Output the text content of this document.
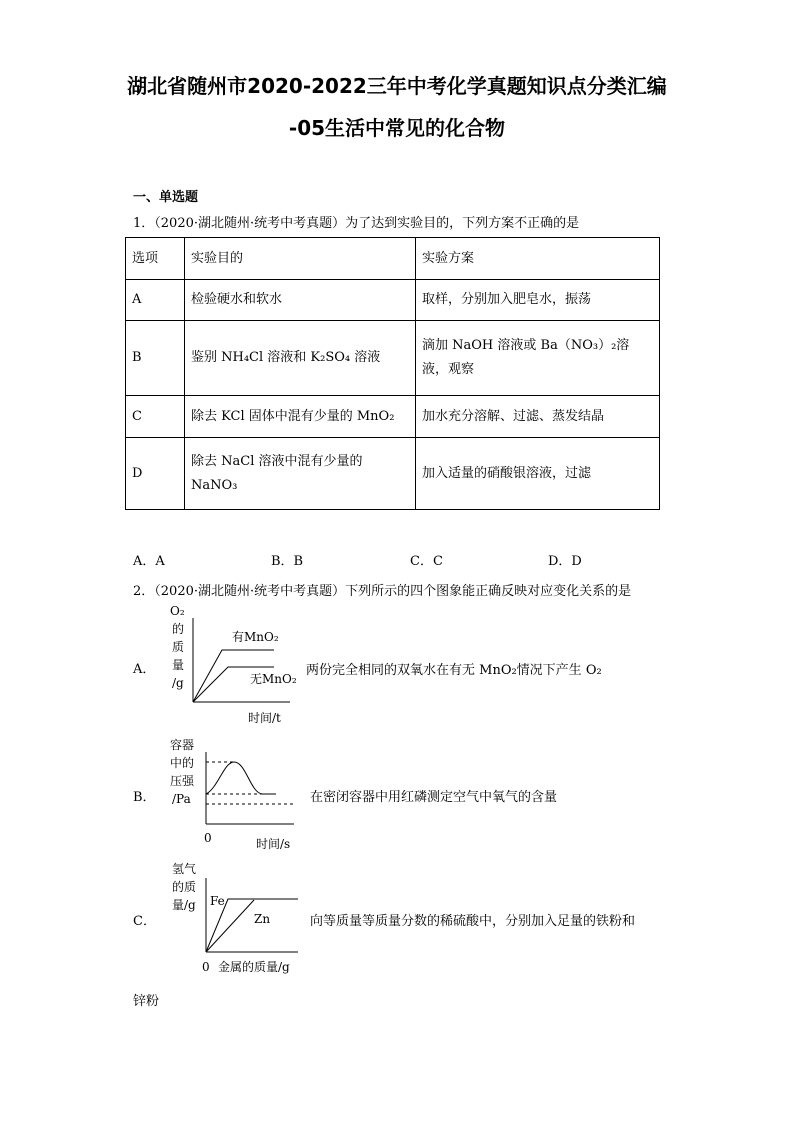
湖北省随州市2020-2022三年中考化学真题知识点分类汇编
-05生活中常见的化合物
一、单选题
1．（2020·湖北随州·统考中考真题）为了达到实验目的，下列方案不正确的是
选项	实验目的	实验方案
A	检验硬水和软水	取样，分别加入肥皂水，振荡
B	鉴别 NH₄Cl 溶液和 K₂SO₄ 溶液	滴加 NaOH 溶液或 Ba（NO₃）₂溶液，观察
C	除去 KCl 固体中混有少量的 MnO₂	加水充分溶解、过滤、蒸发结晶
D	除去 NaCl 溶液中混有少量的 NaNO₃	加入适量的硝酸银溶液，过滤
A．A	B．B	C．C	D．D
2．（2020·湖北随州·统考中考真题）下列所示的四个图象能正确反映对应变化关系的是
A．
O₂
的
质
量
/g
有MnO₂
无MnO₂
时间/t
两份完全相同的双氧水在有无 MnO₂情况下产生 O₂
B．
容器
中的
压强
/Pa
0	时间/s
在密闭容器中用红磷测定空气中氧气的含量
C．
氢气
的质
量/g Fe
Zn
0 金属的质量/g
向等质量等质量分数的稀硫酸中，分别加入足量的铁粉和
锌粉
